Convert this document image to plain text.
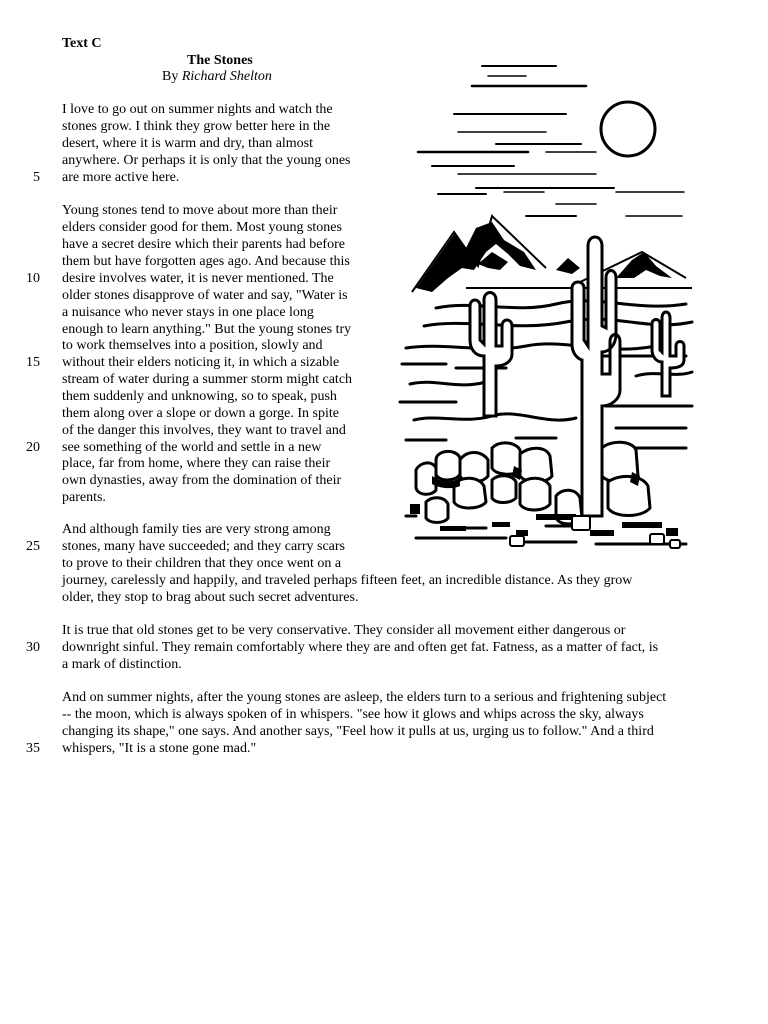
Text C
The Stones
By Richard Shelton
I love to go out on summer nights and watch the
stones grow. I think they grow better here in the
desert, where it is warm and dry, than almost
anywhere. Or perhaps it is only that the young ones
are more active here.
Young stones tend to move about more than their
elders consider good for them. Most young stones
have a secret desire which their parents had before
them but have forgotten ages ago. And because this
desire involves water, it is never mentioned. The
older stones disapprove of water and say, "Water is
a nuisance who never stays in one place long
enough to learn anything." But the young stones try
to work themselves into a position, slowly and
without their elders noticing it, in which a sizable
stream of water during a summer storm might catch
them suddenly and unknowing, so to speak, push
them along over a slope or down a gorge. In spite
of the danger this involves, they want to travel and
see something of the world and settle in a new
place, far from home, where they can raise their
own dynasties, away from the domination of their
parents.
And although family ties are very strong among
stones, many have succeeded; and they carry scars
to prove to their children that they once went on a
journey, carelessly and happily, and traveled perhaps fifteen feet, an incredible distance. As they grow
older, they stop to brag about such secret adventures.
It is true that old stones get to be very conservative. They consider all movement either dangerous or
downright sinful. They remain comfortably where they are and often get fat. Fatness, as a matter of fact, is
a mark of distinction.
And on summer nights, after the young stones are asleep, the elders turn to a serious and frightening subject
-- the moon, which is always spoken of in whispers. "see how it glows and whips across the sky, always
changing its shape," one says. And another says, "Feel how it pulls at us, urging us to follow." And a third
whispers, "It is a stone gone mad."
5
10
15
20
25
30
35
